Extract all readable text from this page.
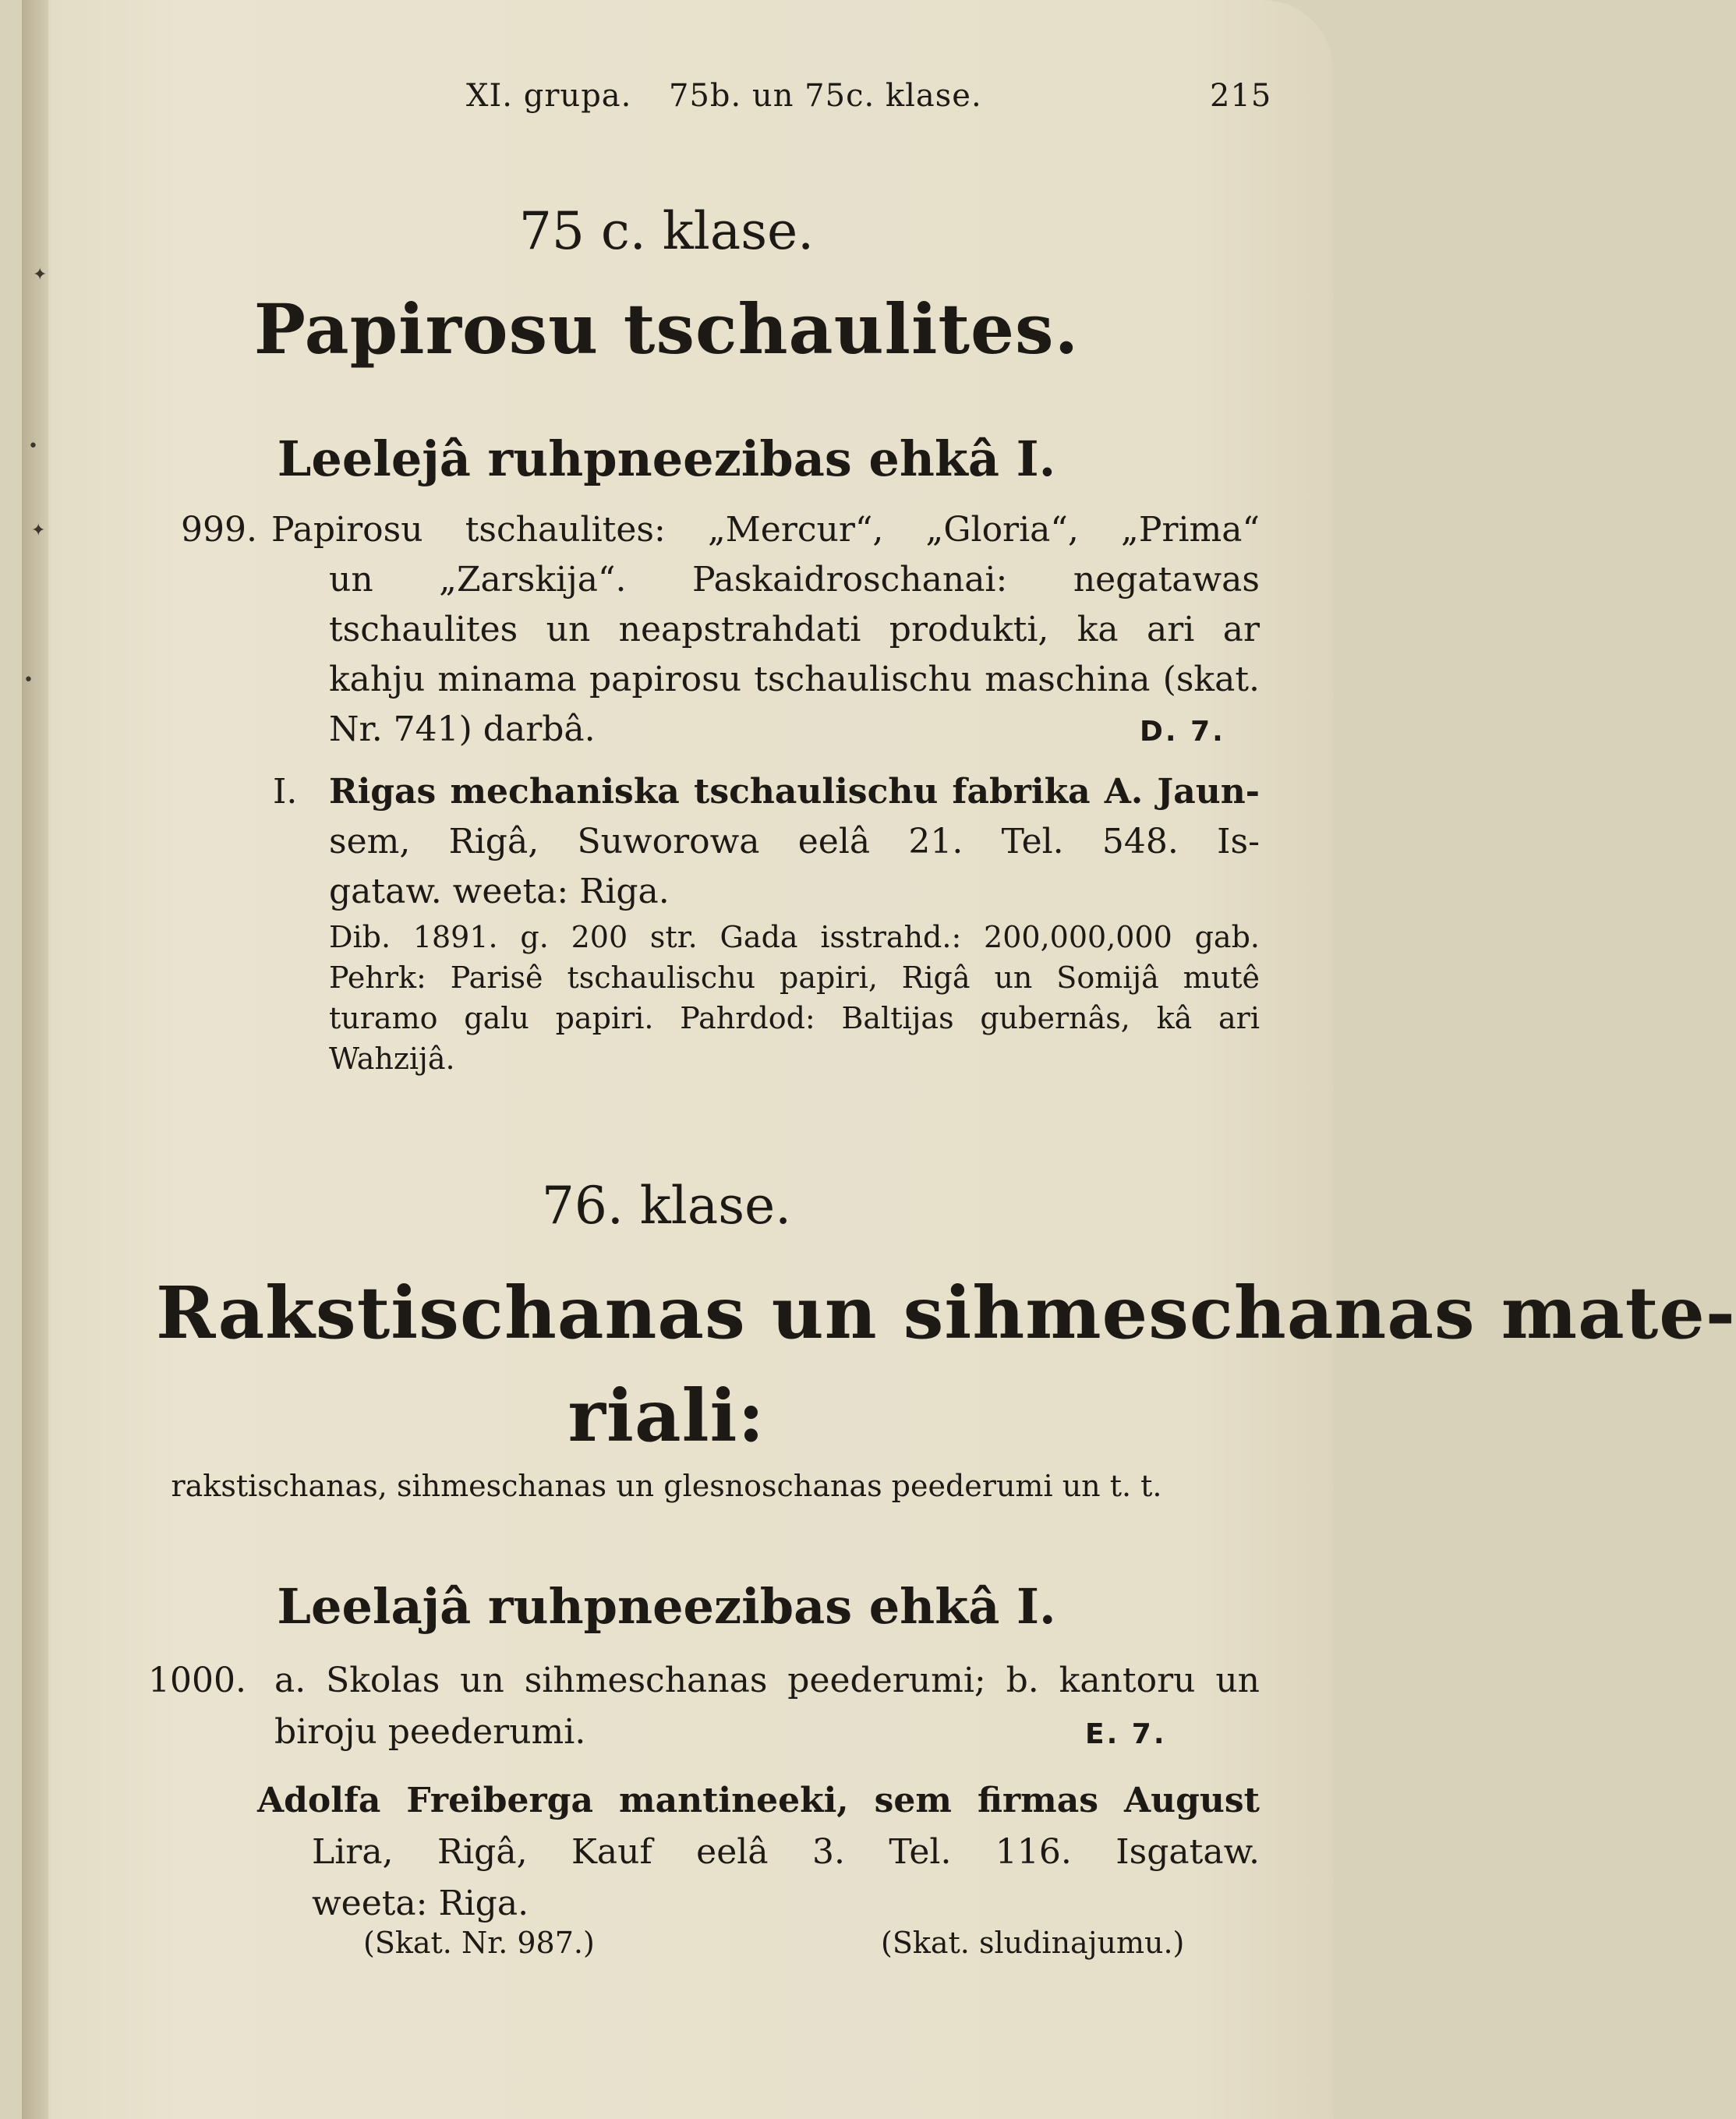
✦
•
✦
•
XI. grupa. 75b. un 75c. klase.	215
75 c. klase.
Papirosu tschaulites.
Leelejâ ruhpneezibas ehkâ I.
999. Papirosu tschaulites: „Mercur“, „Gloria“, „Prima“
un „Zarskija“. Paskaidroschanai: negatawas
tschaulites un neapstrahdati produkti, ka ari ar
kahju minama papirosu tschaulischu maschina (skat.
Nr. 741) darbâ.	D. 7.
I. Rigas mechaniska tschaulischu fabrika A. Jaun-
sem, Rigâ, Suworowa eelâ 21. Tel. 548. Is-
gataw. weeta: Riga.
Dib. 1891. g. 200 str. Gada isstrahd.: 200,000,000 gab.
Pehrk: Parisê tschaulischu papiri, Rigâ un Somijâ mutê
turamo galu papiri. Pahrdod: Baltijas gubernâs, kâ ari
Wahzijâ.
76. klase.
Rakstischanas un sihmeschanas mate-
riali:
rakstischanas, sihmeschanas un glesnoschanas peederumi un t. t.
Leelajâ ruhpneezibas ehkâ I.
1000. a. Skolas un sihmeschanas peederumi; b. kantoru un
biroju peederumi.	E. 7.
Adolfa Freiberga mantineeki, sem firmas August
Lira, Rigâ, Kauf eelâ 3. Tel. 116. Isgataw.
weeta: Riga.
(Skat. Nr. 987.)	(Skat. sludinajumu.)
